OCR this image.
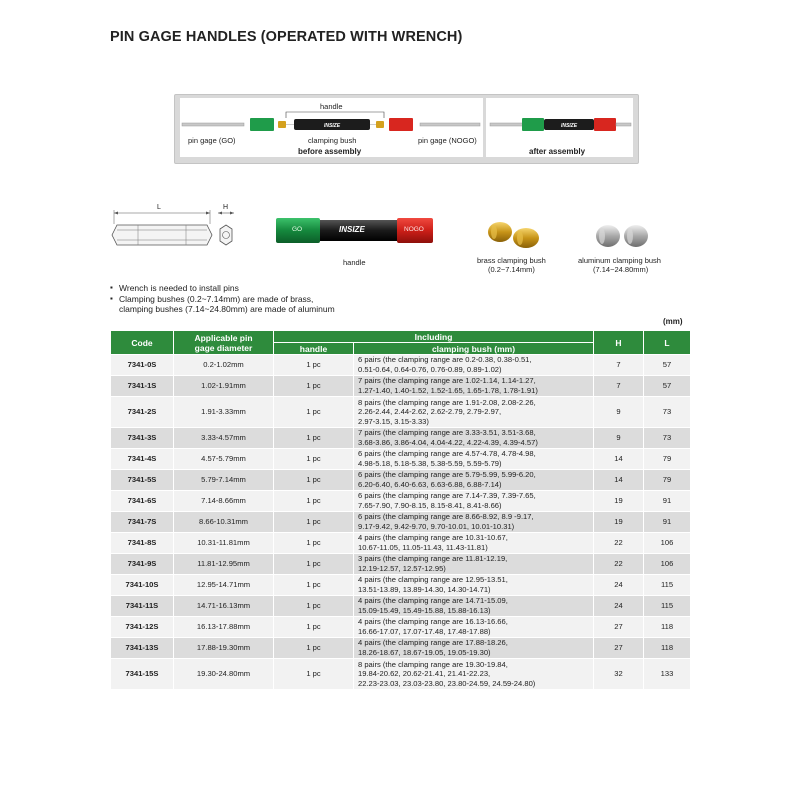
PIN GAGE HANDLES (OPERATED WITH WRENCH)
INSIZE
handle
pin gage (GO)	clamping bush	pin gage (NOGO)
before assembly
INSIZE
after assembly
L	H
GO	INSIZE	NOGO
handle	brass clamping bush
(0.2~7.14mm)
aluminum clamping bush
(7.14~24.80mm)
▪ Wrench is needed to install pins
▪ Clamping bushes (0.2~7.14mm) are made of brass,
clamping bushes (7.14~24.80mm) are made of aluminum
(mm)
Code	Applicable pin
gage diameter	Including		H	L
		handle	clamping bush (mm)		
7341-0S	0.2-1.02mm	1 pc	6 pairs (the clamping range are 0.2-0.38, 0.38-0.51,
0.51-0.64, 0.64-0.76, 0.76-0.89, 0.89-1.02)	7	57
7341-1S	1.02-1.91mm	1 pc	7 pairs (the clamping range are 1.02-1.14, 1.14-1.27,
1.27-1.40, 1.40-1.52, 1.52-1.65, 1.65-1.78, 1.78-1.91)	7	57
7341-2S	1.91-3.33mm	1 pc	8 pairs (the clamping range are 1.91-2.08, 2.08-2.26,
2.26-2.44, 2.44-2.62, 2.62-2.79, 2.79-2.97,
2.97-3.15, 3.15-3.33)	9	73
7341-3S	3.33-4.57mm	1 pc	7 pairs (the clamping range are 3.33-3.51, 3.51-3.68,
3.68-3.86, 3.86-4.04, 4.04-4.22, 4.22-4.39, 4.39-4.57)	9	73
7341-4S	4.57-5.79mm	1 pc	6 pairs (the clamping range are 4.57-4.78, 4.78-4.98,
4.98-5.18, 5.18-5.38, 5.38-5.59, 5.59-5.79)	14	79
7341-5S	5.79-7.14mm	1 pc	6 pairs (the clamping range are 5.79-5.99, 5.99-6.20,
6.20-6.40, 6.40-6.63, 6.63-6.88, 6.88-7.14)	14	79
7341-6S	7.14-8.66mm	1 pc	6 pairs (the clamping range are 7.14-7.39, 7.39-7.65,
7.65-7.90, 7.90-8.15, 8.15-8.41, 8.41-8.66)	19	91
7341-7S	8.66-10.31mm	1 pc	6 pairs (the clamping range are 8.66-8.92, 8.9 -9.17,
9.17-9.42, 9.42-9.70, 9.70-10.01, 10.01-10.31)	19	91
7341-8S	10.31-11.81mm	1 pc	4 pairs (the clamping range are 10.31-10.67,
10.67-11.05, 11.05-11.43, 11.43-11.81)	22	106
7341-9S	11.81-12.95mm	1 pc	3 pairs (the clamping range are 11.81-12.19,
12.19-12.57, 12.57-12.95)	22	106
7341-10S	12.95-14.71mm	1 pc	4 pairs (the clamping range are 12.95-13.51,
13.51-13.89, 13.89-14.30, 14.30-14.71)	24	115
7341-11S	14.71-16.13mm	1 pc	4 pairs (the clamping range are 14.71-15.09,
15.09-15.49, 15.49-15.88, 15.88-16.13)	24	115
7341-12S	16.13-17.88mm	1 pc	4 pairs (the clamping range are 16.13-16.66,
16.66-17.07, 17.07-17.48, 17.48-17.88)	27	118
7341-13S	17.88-19.30mm	1 pc	4 pairs (the clamping range are 17.88-18.26,
18.26-18.67, 18.67-19.05, 19.05-19.30)	27	118
7341-15S	19.30-24.80mm	1 pc	8 pairs (the clamping range are 19.30-19.84,
19.84-20.62, 20.62-21.41, 21.41-22.23,
22.23-23.03, 23.03-23.80, 23.80-24.59, 24.59-24.80)	32	133
